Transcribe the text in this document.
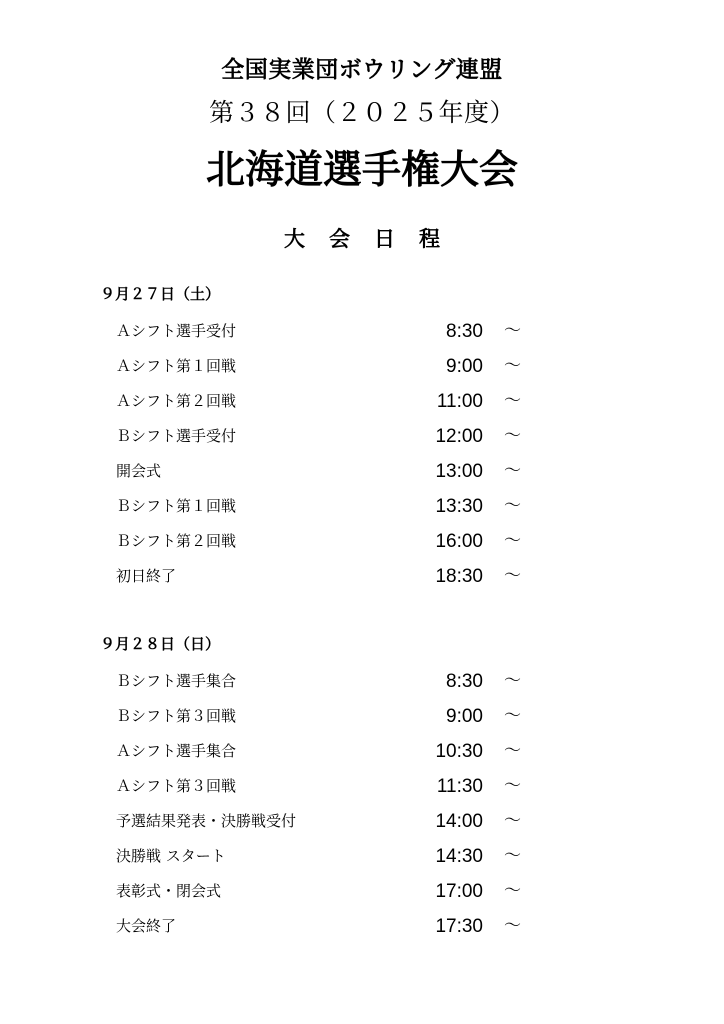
全国実業団ボウリング連盟
第３８回（２０２５年度）
北海道選手権大会
大会日程
９月２７日（土）
Ａシフト選手受付	8:30 ～
Ａシフト第１回戦	9:00 ～
Ａシフト第２回戦	11:00 ～
Ｂシフト選手受付	12:00 ～
開会式	13:00 ～
Ｂシフト第１回戦	13:30 ～
Ｂシフト第２回戦	16:00 ～
初日終了	18:30 ～
９月２８日（日）
Ｂシフト選手集合	8:30 ～
Ｂシフト第３回戦	9:00 ～
Ａシフト選手集合	10:30 ～
Ａシフト第３回戦	11:30 ～
予選結果発表・決勝戦受付	14:00 ～
決勝戦 スタート	14:30 ～
表彰式・閉会式	17:00 ～
大会終了	17:30 ～
